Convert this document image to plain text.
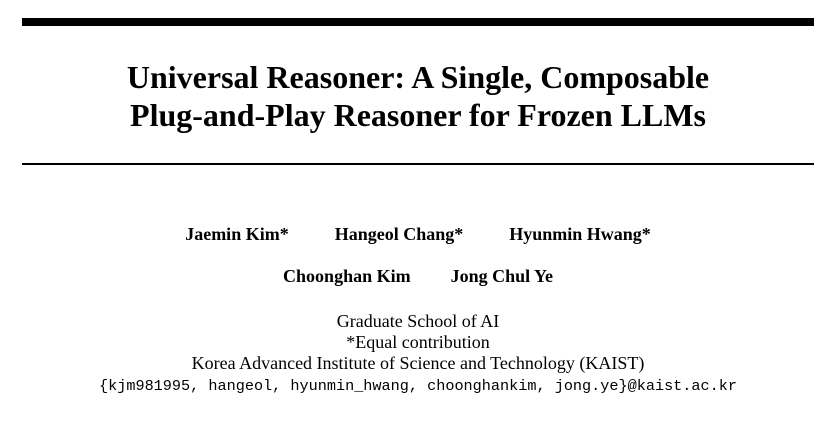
Universal Reasoner: A Single, Composable
Plug-and-Play Reasoner for Frozen LLMs
Jaemin Kim*	Hangeol Chang*	Hyunmin Hwang*
Choonghan Kim Jong Chul Ye
Graduate School of AI
*Equal contribution
Korea Advanced Institute of Science and Technology (KAIST)
{kjm981995, hangeol, hyunmin_hwang, choonghankim, jong.ye}@kaist.ac.kr
